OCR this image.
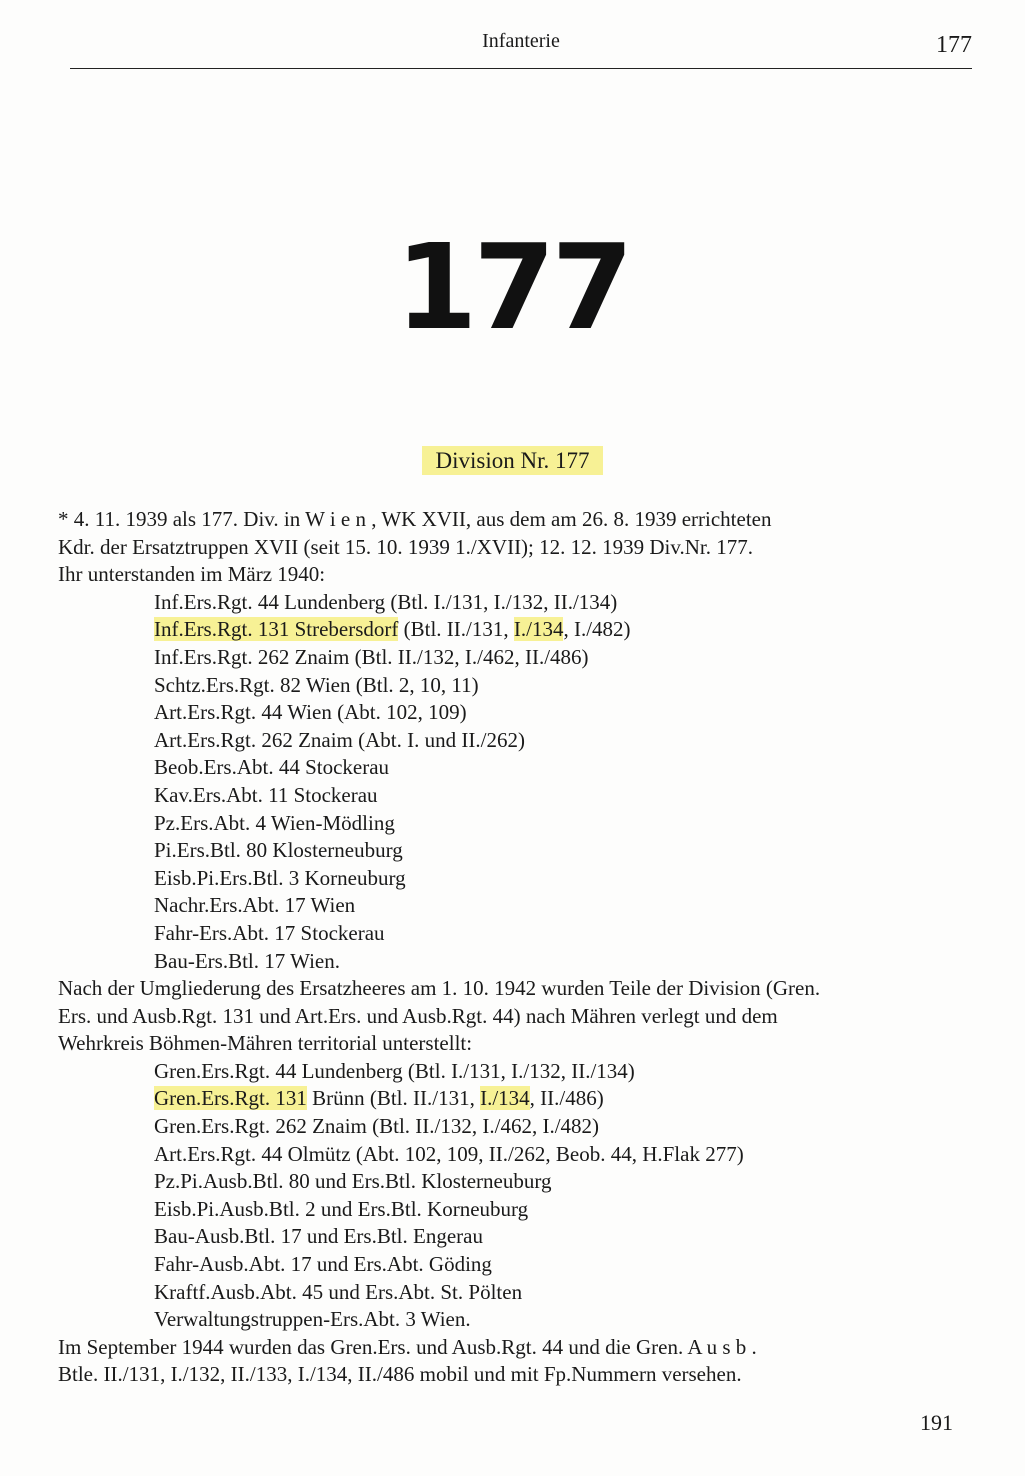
Infanterie	177
177
Division Nr. 177
* 4. 11. 1939 als 177. Div. in W i e n , WK XVII, aus dem am 26. 8. 1939 errichteten
Kdr. der Ersatztruppen XVII (seit 15. 10. 1939 1./XVII); 12. 12. 1939 Div.Nr. 177.
Ihr unterstanden im März 1940:
Inf.Ers.Rgt. 44 Lundenberg (Btl. I./131, I./132, II./134)
Inf.Ers.Rgt. 131 Strebersdorf (Btl. II./131, I./134, I./482)
Inf.Ers.Rgt. 262 Znaim (Btl. II./132, I./462, II./486)
Schtz.Ers.Rgt. 82 Wien (Btl. 2, 10, 11)
Art.Ers.Rgt. 44 Wien (Abt. 102, 109)
Art.Ers.Rgt. 262 Znaim (Abt. I. und II./262)
Beob.Ers.Abt. 44 Stockerau
Kav.Ers.Abt. 11 Stockerau
Pz.Ers.Abt. 4 Wien-Mödling
Pi.Ers.Btl. 80 Klosterneuburg
Eisb.Pi.Ers.Btl. 3 Korneuburg
Nachr.Ers.Abt. 17 Wien
Fahr-Ers.Abt. 17 Stockerau
Bau-Ers.Btl. 17 Wien.
Nach der Umgliederung des Ersatzheeres am 1. 10. 1942 wurden Teile der Division (Gren.
Ers. und Ausb.Rgt. 131 und Art.Ers. und Ausb.Rgt. 44) nach Mähren verlegt und dem
Wehrkreis Böhmen-Mähren territorial unterstellt:
Gren.Ers.Rgt. 44 Lundenberg (Btl. I./131, I./132, II./134)
Gren.Ers.Rgt. 131 Brünn (Btl. II./131, I./134, II./486)
Gren.Ers.Rgt. 262 Znaim (Btl. II./132, I./462, I./482)
Art.Ers.Rgt. 44 Olmütz (Abt. 102, 109, II./262, Beob. 44, H.Flak 277)
Pz.Pi.Ausb.Btl. 80 und Ers.Btl. Klosterneuburg
Eisb.Pi.Ausb.Btl. 2 und Ers.Btl. Korneuburg
Bau-Ausb.Btl. 17 und Ers.Btl. Engerau
Fahr-Ausb.Abt. 17 und Ers.Abt. Göding
Kraftf.Ausb.Abt. 45 und Ers.Abt. St. Pölten
Verwaltungstruppen-Ers.Abt. 3 Wien.
Im September 1944 wurden das Gren.Ers. und Ausb.Rgt. 44 und die Gren. A u s b .
Btle. II./131, I./132, II./133, I./134, II./486 mobil und mit Fp.Nummern versehen.
191
